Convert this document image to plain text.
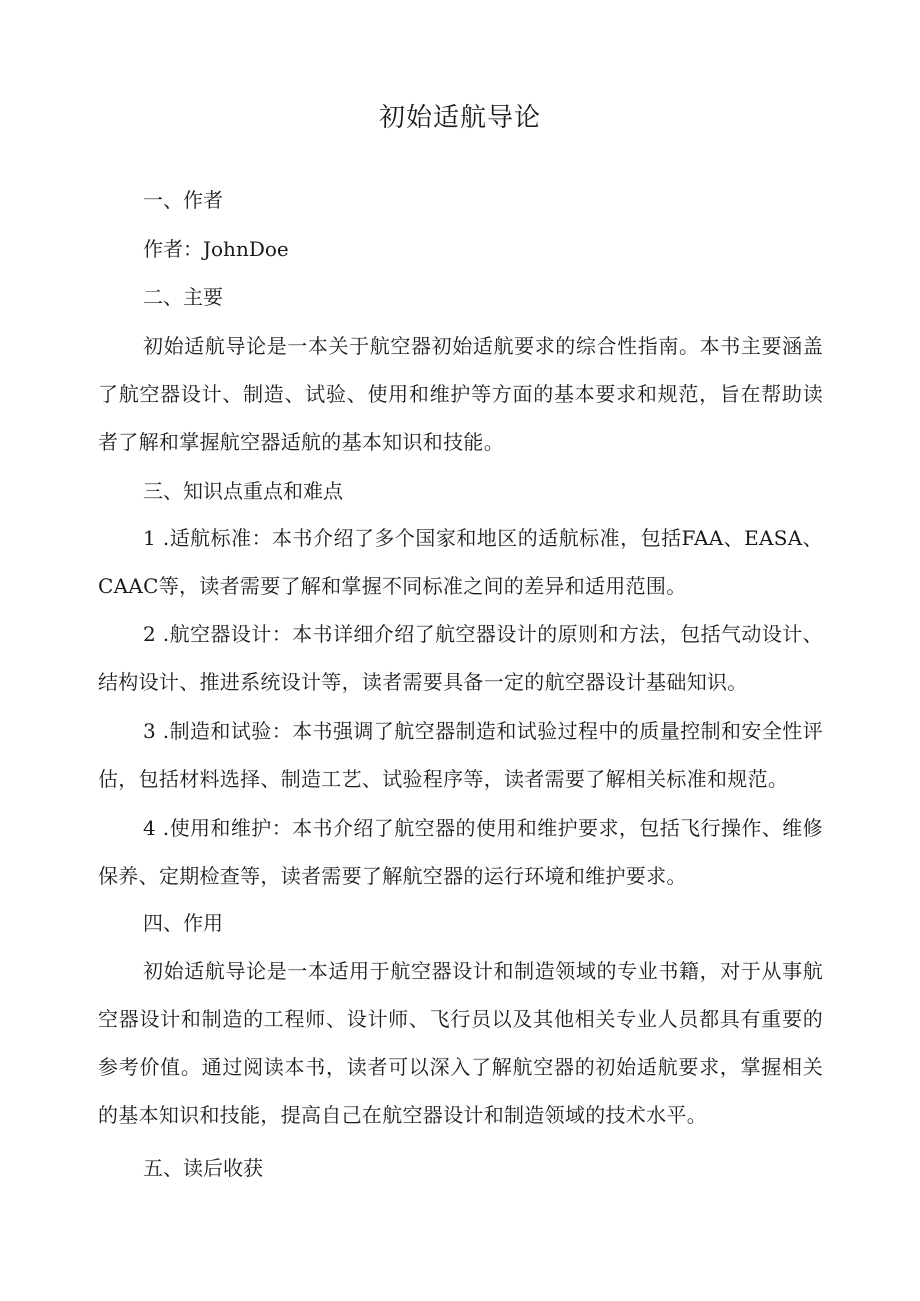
初始适航导论
一、作者
作者：JohnDoe
二、主要
初始适航导论是一本关于航空器初始适航要求的综合性指南。本书主要涵盖了航空器设计、制造、试验、使用和维护等方面的基本要求和规范，旨在帮助读者了解和掌握航空器适航的基本知识和技能。
三、知识点重点和难点
1 .适航标准：本书介绍了多个国家和地区的适航标准，包括FAA、EASA、CAAC等，读者需要了解和掌握不同标准之间的差异和适用范围。
2 .航空器设计：本书详细介绍了航空器设计的原则和方法，包括气动设计、结构设计、推进系统设计等，读者需要具备一定的航空器设计基础知识。
3 .制造和试验：本书强调了航空器制造和试验过程中的质量控制和安全性评估，包括材料选择、制造工艺、试验程序等，读者需要了解相关标准和规范。
4 .使用和维护：本书介绍了航空器的使用和维护要求，包括飞行操作、维修保养、定期检查等，读者需要了解航空器的运行环境和维护要求。
四、作用
初始适航导论是一本适用于航空器设计和制造领域的专业书籍，对于从事航空器设计和制造的工程师、设计师、飞行员以及其他相关专业人员都具有重要的参考价值。通过阅读本书，读者可以深入了解航空器的初始适航要求，掌握相关的基本知识和技能，提高自己在航空器设计和制造领域的技术水平。
五、读后收获
